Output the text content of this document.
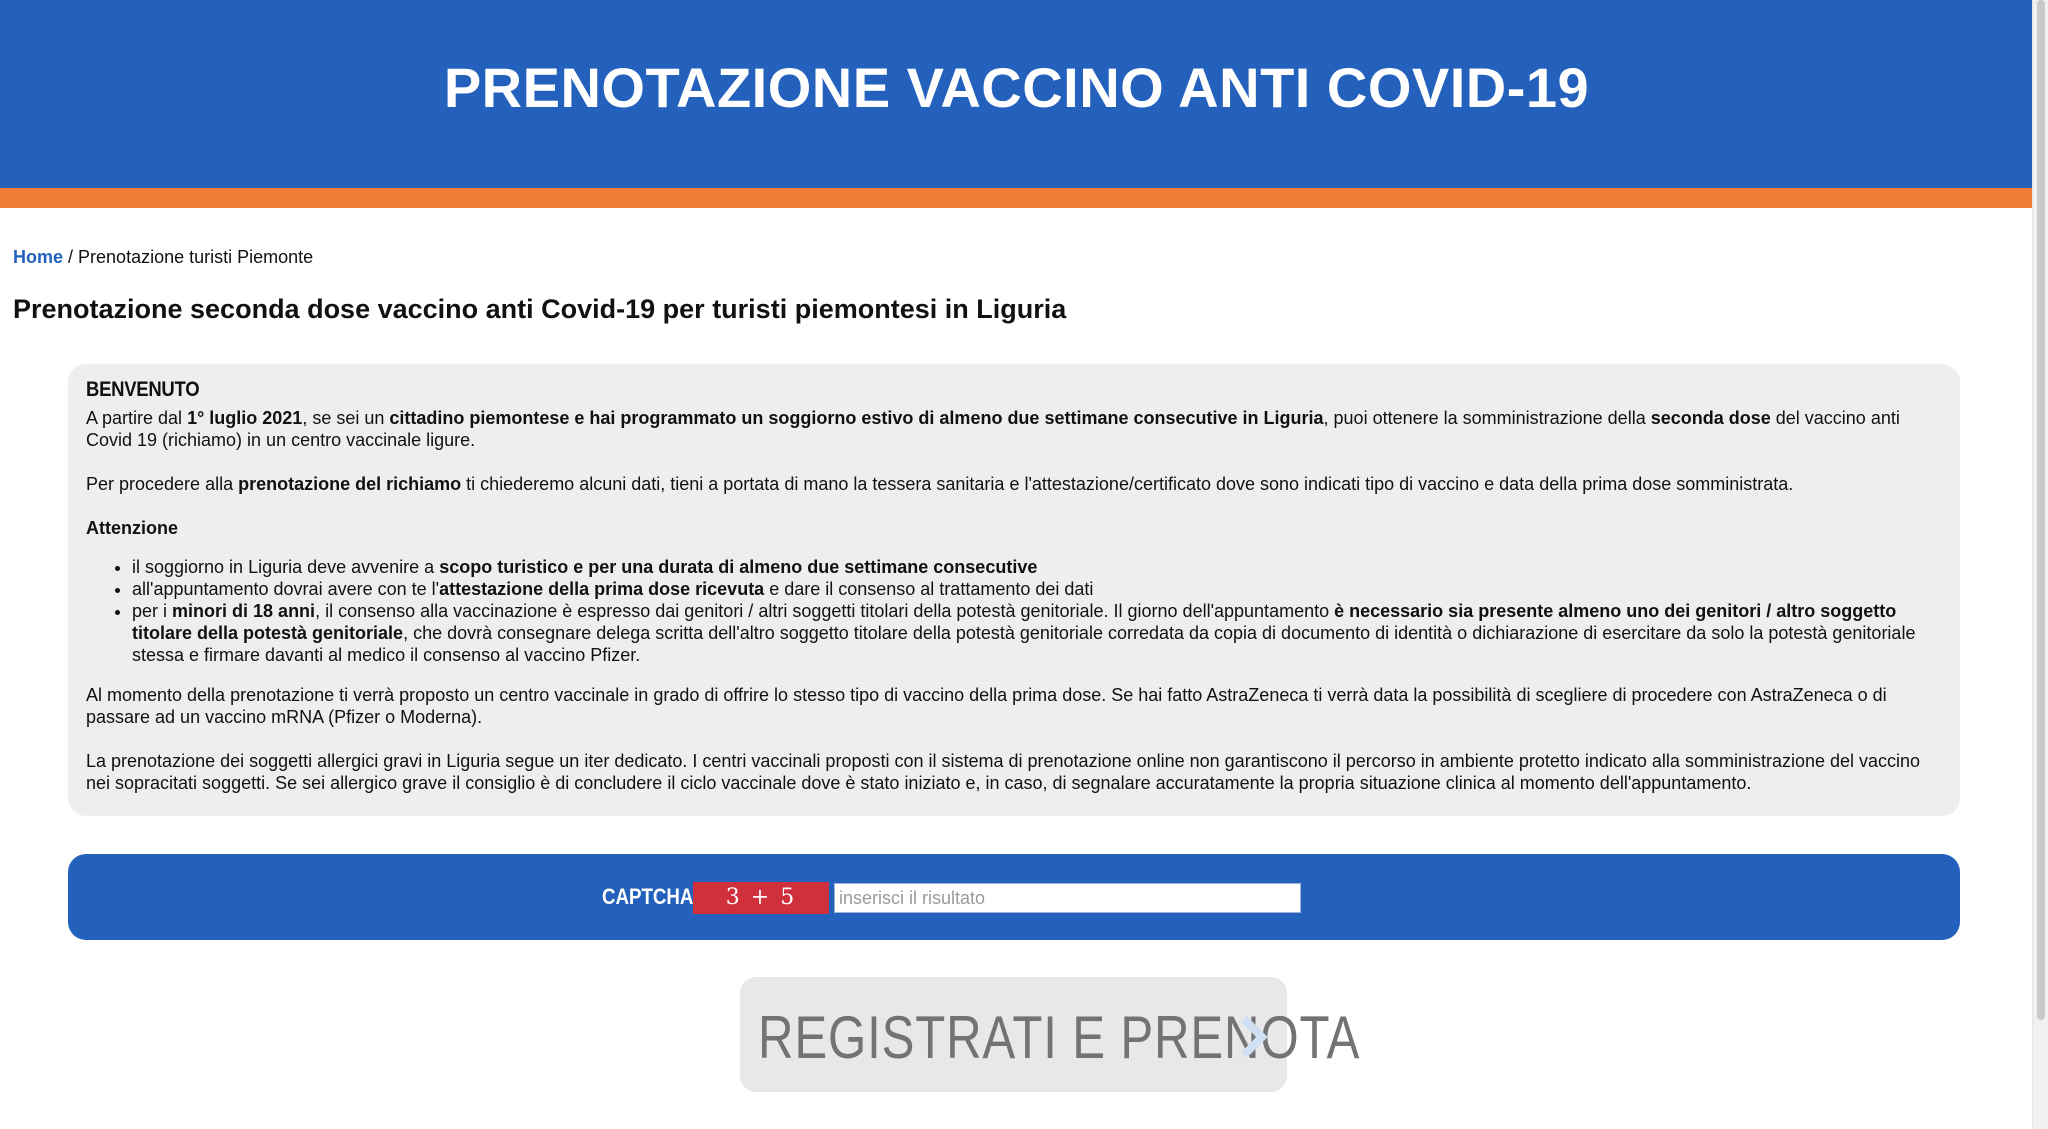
PRENOTAZIONE VACCINO ANTI COVID-19
Home / Prenotazione turisti Piemonte
Prenotazione seconda dose vaccino anti Covid-19 per turisti piemontesi in Liguria
BENVENUTO

A partire dal 1° luglio 2021, se sei un cittadino piemontese e hai programmato un soggiorno estivo di almeno due settimane consecutive in Liguria, puoi ottenere la somministrazione della seconda dose del vaccino anti Covid 19 (richiamo) in un centro vaccinale ligure.

Per procedere alla prenotazione del richiamo ti chiederemo alcuni dati, tieni a portata di mano la tessera sanitaria e l'attestazione/certificato dove sono indicati tipo di vaccino e data della prima dose somministrata.

Attenzione

• il soggiorno in Liguria deve avvenire a scopo turistico e per una durata di almeno due settimane consecutive
• all'appuntamento dovrai avere con te l'attestazione della prima dose ricevuta e dare il consenso al trattamento dei dati
• per i minori di 18 anni, il consenso alla vaccinazione è espresso dai genitori / altri soggetti titolari della potestà genitoriale. Il giorno dell'appuntamento è necessario sia presente almeno uno dei genitori / altro soggetto titolare della potestà genitoriale, che dovrà consegnare delega scritta dell'altro soggetto titolare della potestà genitoriale corredata da copia di documento di identità o dichiarazione di esercitare da solo la potestà genitoriale stessa e firmare davanti al medico il consenso al vaccino Pfizer.

Al momento della prenotazione ti verrà proposto un centro vaccinale in grado di offrire lo stesso tipo di vaccino della prima dose. Se hai fatto AstraZeneca ti verrà data la possibilità di scegliere di procedere con AstraZeneca o di passare ad un vaccino mRNA (Pfizer o Moderna).

La prenotazione dei soggetti allergici gravi in Liguria segue un iter dedicato. I centri vaccinali proposti con il sistema di prenotazione online non garantiscono il percorso in ambiente protetto indicato alla somministrazione del vaccino nei sopracitati soggetti. Se sei allergico grave il consiglio è di concludere il ciclo vaccinale dove è stato iniziato e, in caso, di segnalare accuratamente la propria situazione clinica al momento dell'appuntamento.

CAPTCHA	3 + 5
inserisci il risultato
REGISTRATI E PRENOTA
